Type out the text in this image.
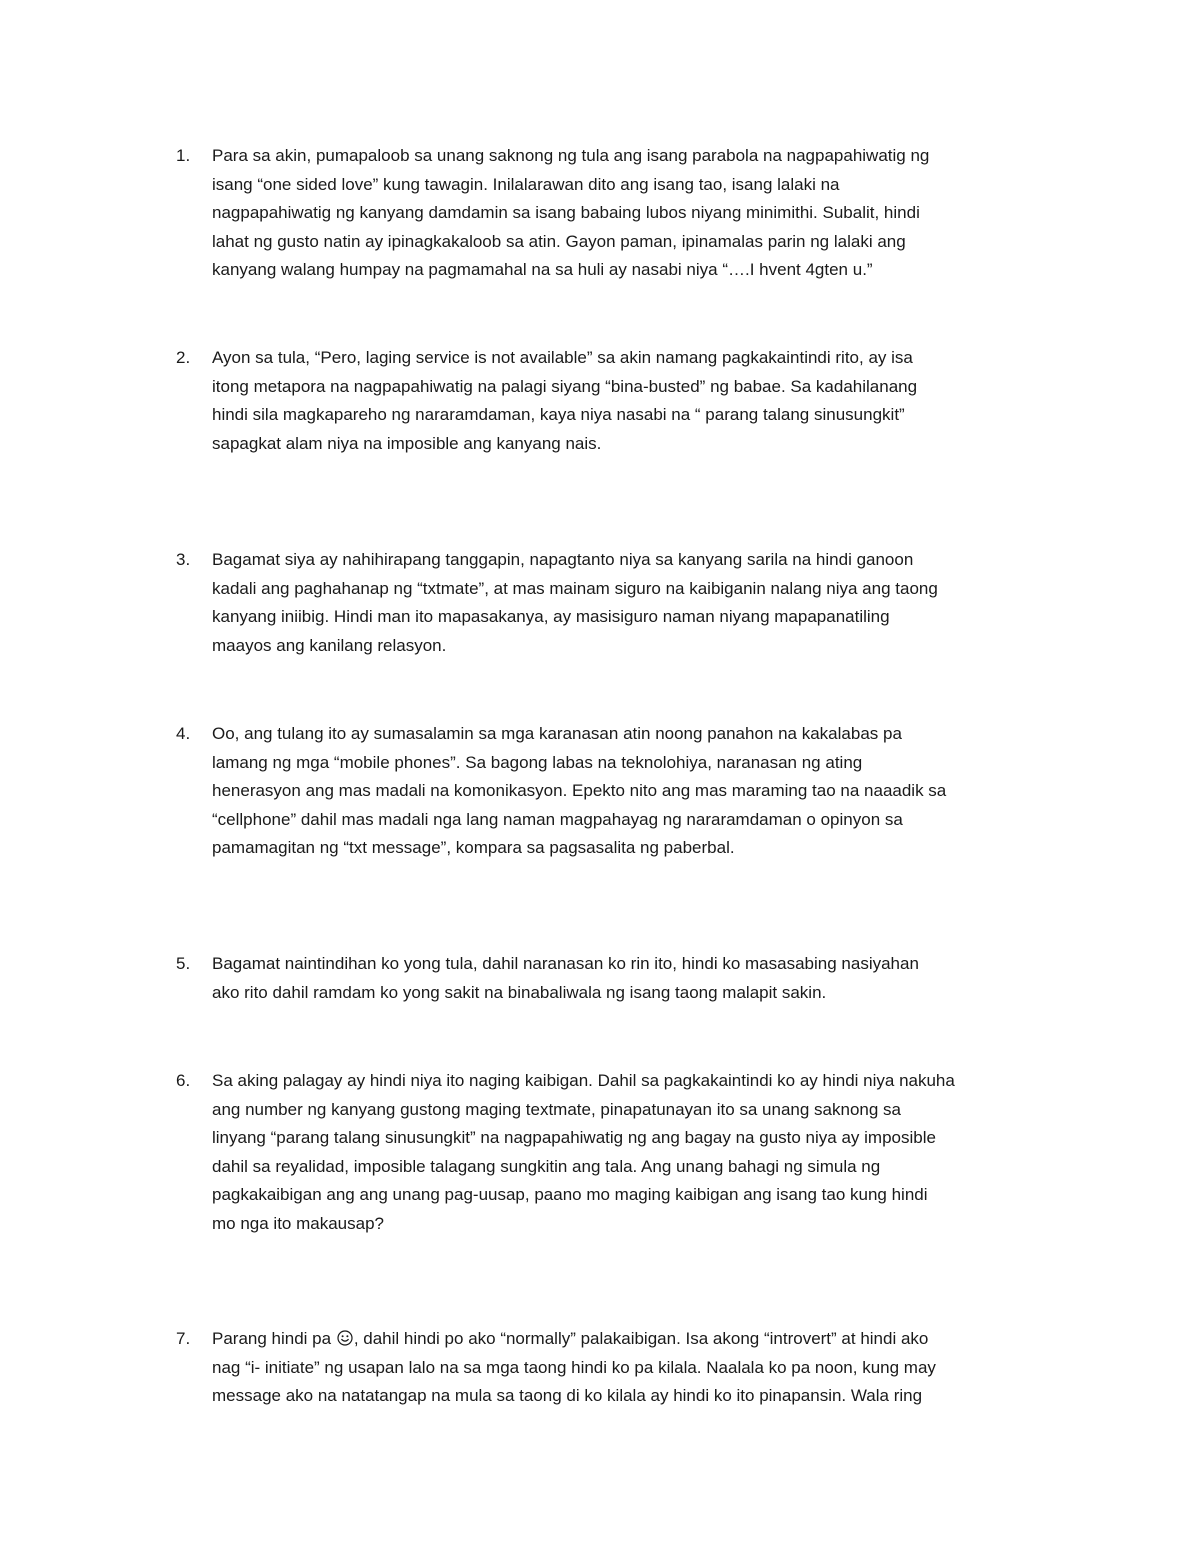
1.	Para sa akin, pumapaloob sa unang saknong ng tula ang isang parabola na nagpapahiwatig ng
isang “one sided love” kung tawagin. Inilalarawan dito ang isang tao, isang lalaki na
nagpapahiwatig ng kanyang damdamin sa isang babaing lubos niyang minimithi. Subalit, hindi
lahat ng gusto natin ay ipinagkakaloob sa atin. Gayon paman, ipinamalas parin ng lalaki ang
kanyang walang humpay na pagmamahal na sa huli ay nasabi niya “….I hvent 4gten u.”
2.	Ayon sa tula, “Pero, laging service is not available” sa akin namang pagkakaintindi rito, ay isa
itong metapora na nagpapahiwatig na palagi siyang “bina-busted” ng babae. Sa kadahilanang
hindi sila magkapareho ng nararamdaman, kaya niya nasabi na “ parang talang sinusungkit”
sapagkat alam niya na imposible ang kanyang nais.
3.	Bagamat siya ay nahihirapang tanggapin, napagtanto niya sa kanyang sarila na hindi ganoon
kadali ang paghahanap ng “txtmate”, at mas mainam siguro na kaibiganin nalang niya ang taong
kanyang iniibig. Hindi man ito mapasakanya, ay masisiguro naman niyang mapapanatiling
maayos ang kanilang relasyon.
4.	Oo, ang tulang ito ay sumasalamin sa mga karanasan atin noong panahon na kakalabas pa
lamang ng mga “mobile phones”. Sa bagong labas na teknolohiya, naranasan ng ating
henerasyon ang mas madali na komonikasyon. Epekto nito ang mas maraming tao na naaadik sa
“cellphone” dahil mas madali nga lang naman magpahayag ng nararamdaman o opinyon sa
pamamagitan ng “txt message”, kompara sa pagsasalita ng paberbal.
5.	Bagamat naintindihan ko yong tula, dahil naranasan ko rin ito, hindi ko masasabing nasiyahan
ako rito dahil ramdam ko yong sakit na binabaliwala ng isang taong malapit sakin.
6.	Sa aking palagay ay hindi niya ito naging kaibigan. Dahil sa pagkakaintindi ko ay hindi niya nakuha
ang number ng kanyang gustong maging textmate, pinapatunayan ito sa unang saknong sa
linyang “parang talang sinusungkit” na nagpapahiwatig ng ang bagay na gusto niya ay imposible
dahil sa reyalidad, imposible talagang sungkitin ang tala. Ang unang bahagi ng simula ng
pagkakaibigan ang ang unang pag-uusap, paano mo maging kaibigan ang isang tao kung hindi
mo nga ito makausap?
7.	Parang hindi pa , dahil hindi po ako “normally” palakaibigan. Isa akong “introvert” at hindi ako
nag “i- initiate” ng usapan lalo na sa mga taong hindi ko pa kilala. Naalala ko pa noon, kung may
message ako na natatangap na mula sa taong di ko kilala ay hindi ko ito pinapansin. Wala ring
